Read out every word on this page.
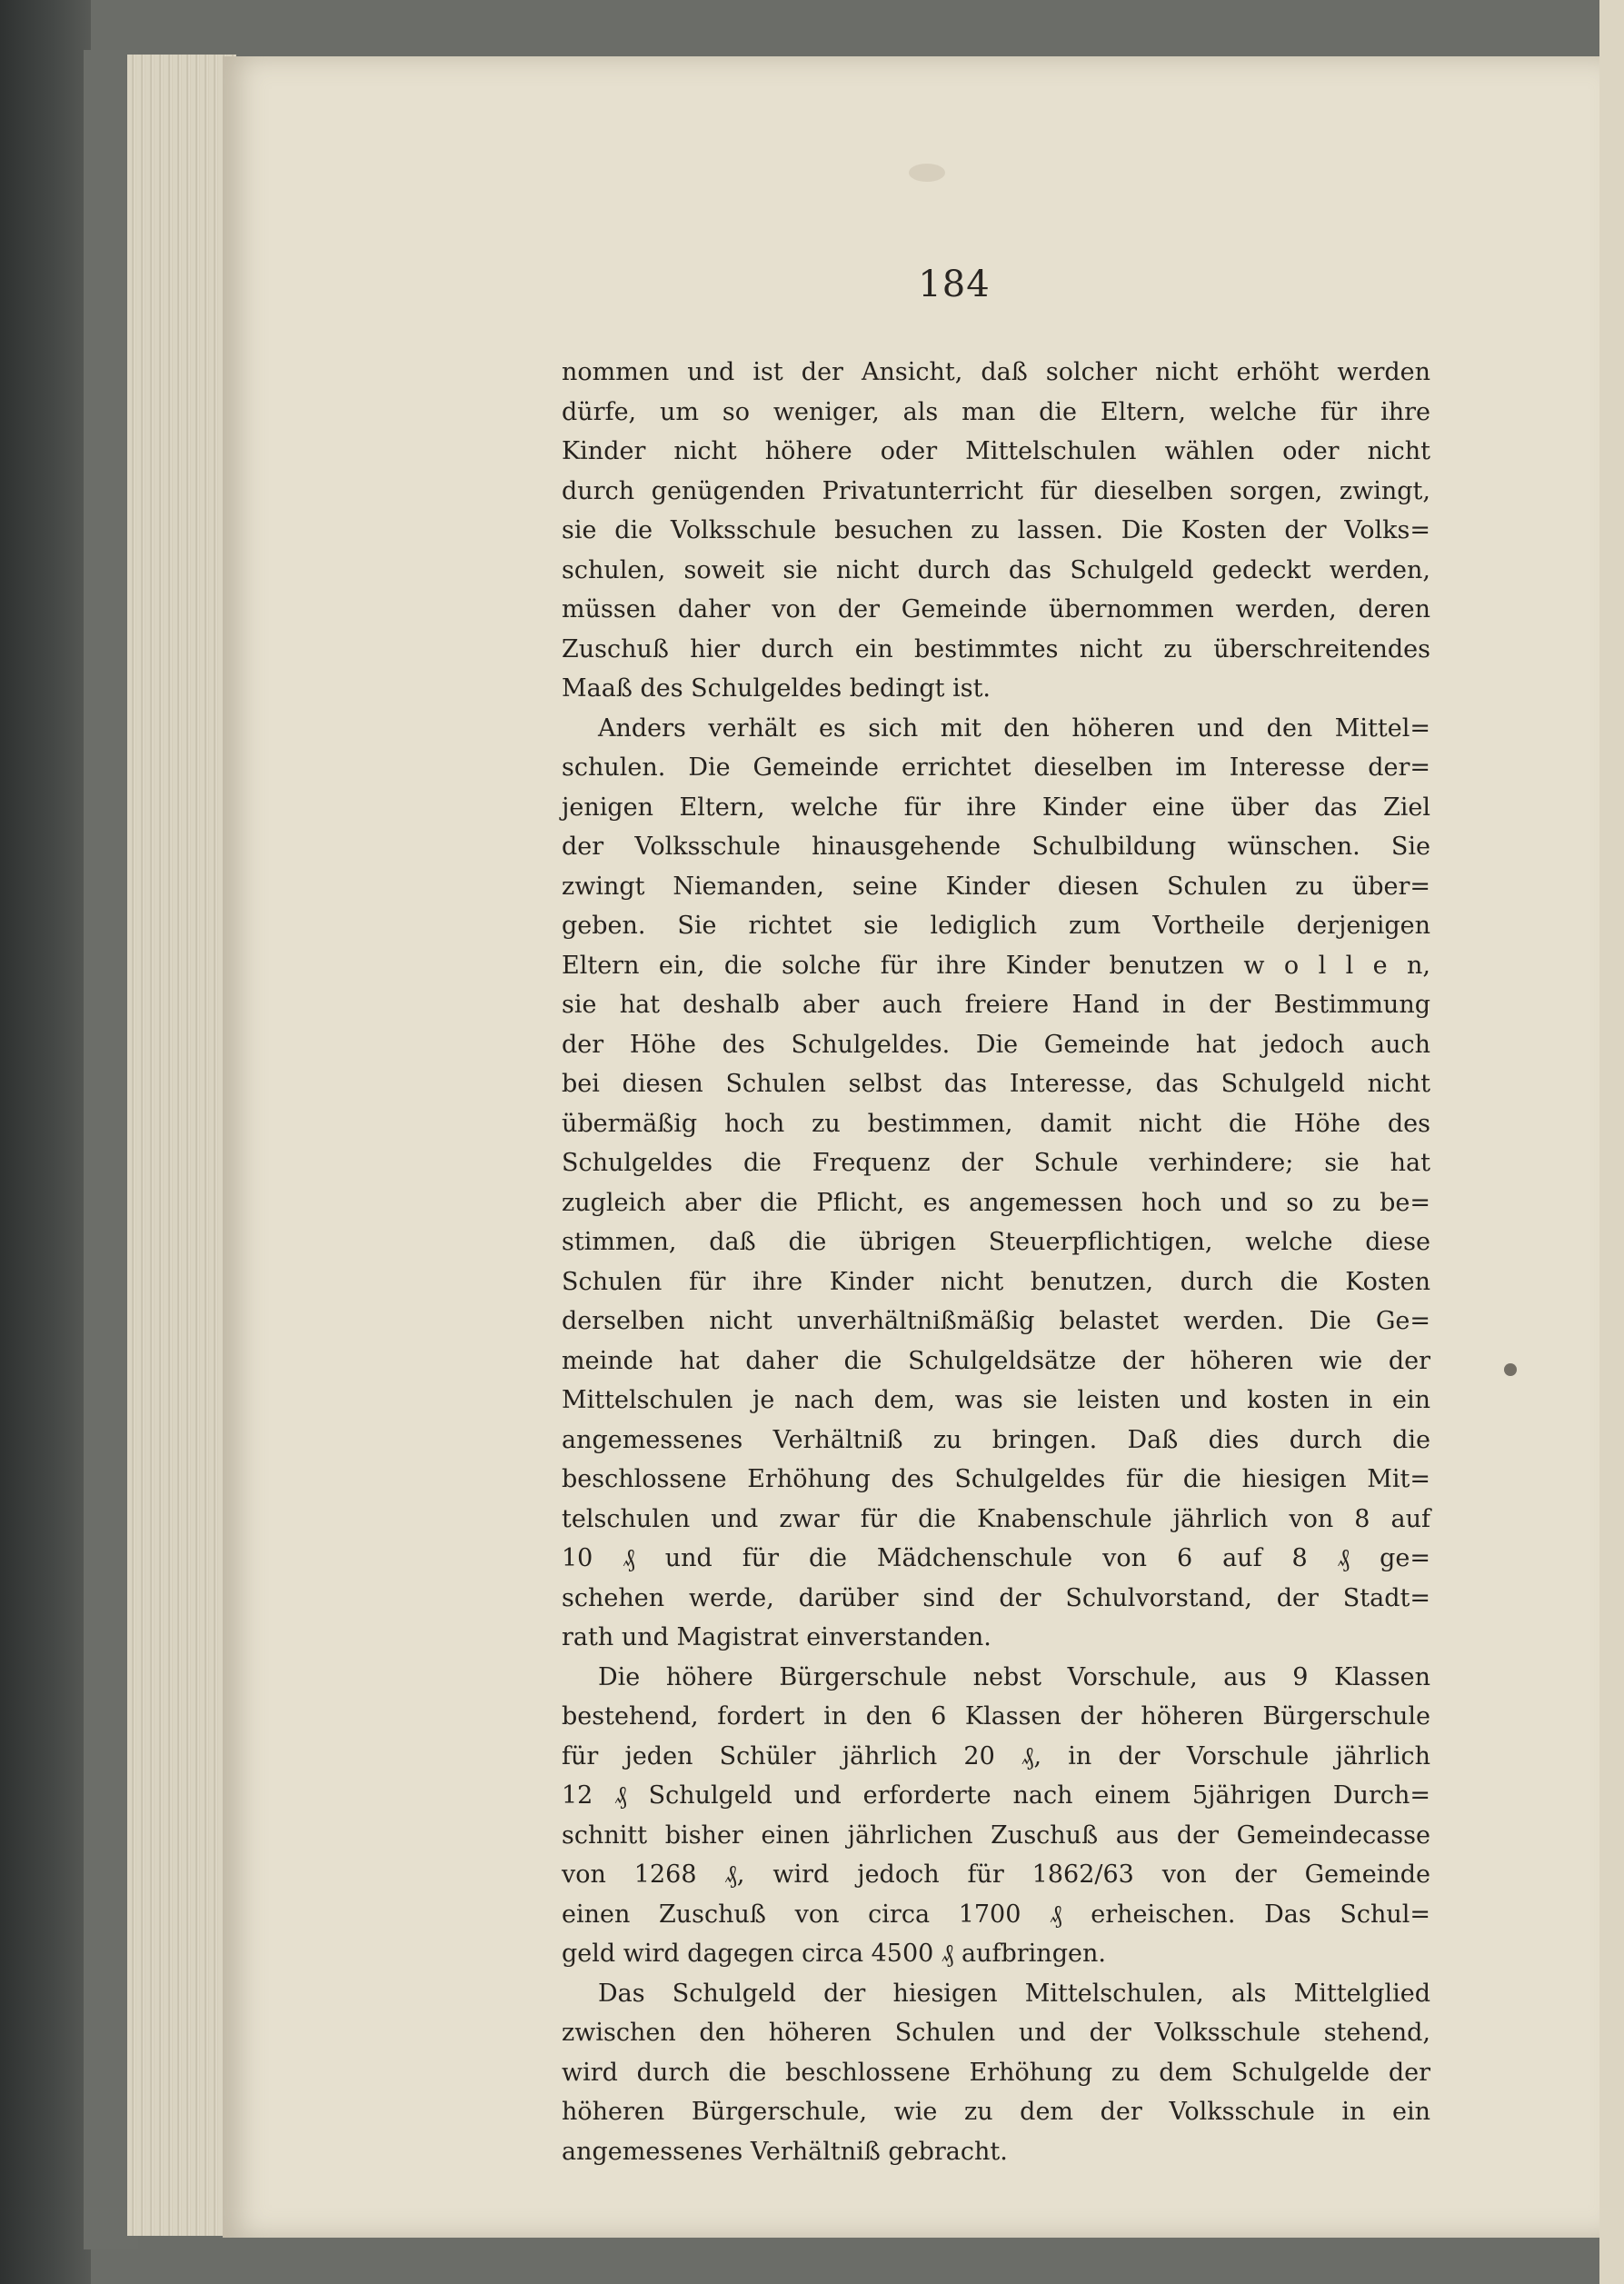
184
nommen und ist der Ansicht, daß solcher nicht erhöht werden
dürfe, um so weniger, als man die Eltern, welche für ihre
Kinder nicht höhere oder Mittelschulen wählen oder nicht
durch genügenden Privatunterricht für dieselben sorgen, zwingt,
sie die Volksschule besuchen zu lassen. Die Kosten der Volks=
schulen, soweit sie nicht durch das Schulgeld gedeckt werden,
müssen daher von der Gemeinde übernommen werden, deren
Zuschuß hier durch ein bestimmtes nicht zu überschreitendes
Maaß des Schulgeldes bedingt ist.
Anders verhält es sich mit den höheren und den Mittel=
schulen. Die Gemeinde errichtet dieselben im Interesse der=
jenigen Eltern, welche für ihre Kinder eine über das Ziel
der Volksschule hinausgehende Schulbildung wünschen. Sie
zwingt Niemanden, seine Kinder diesen Schulen zu über=
geben. Sie richtet sie lediglich zum Vortheile derjenigen
Eltern ein, die solche für ihre Kinder benutzen w o l l e n,
sie hat deshalb aber auch freiere Hand in der Bestimmung
der Höhe des Schulgeldes. Die Gemeinde hat jedoch auch
bei diesen Schulen selbst das Interesse, das Schulgeld nicht
übermäßig hoch zu bestimmen, damit nicht die Höhe des
Schulgeldes die Frequenz der Schule verhindere; sie hat
zugleich aber die Pflicht, es angemessen hoch und so zu be=
stimmen, daß die übrigen Steuerpflichtigen, welche diese
Schulen für ihre Kinder nicht benutzen, durch die Kosten
derselben nicht unverhältnißmäßig belastet werden. Die Ge=
meinde hat daher die Schulgeldsätze der höheren wie der
Mittelschulen je nach dem, was sie leisten und kosten in ein
angemessenes Verhältniß zu bringen. Daß dies durch die
beschlossene Erhöhung des Schulgeldes für die hiesigen Mit=
telschulen und zwar für die Knabenschule jährlich von 8 auf
10 ₰ und für die Mädchenschule von 6 auf 8 ₰ ge=
schehen werde, darüber sind der Schulvorstand, der Stadt=
rath und Magistrat einverstanden.
Die höhere Bürgerschule nebst Vorschule, aus 9 Klassen
bestehend, fordert in den 6 Klassen der höheren Bürgerschule
für jeden Schüler jährlich 20 ₰, in der Vorschule jährlich
12 ₰ Schulgeld und erforderte nach einem 5jährigen Durch=
schnitt bisher einen jährlichen Zuschuß aus der Gemeindecasse
von 1268 ₰, wird jedoch für 1862/63 von der Gemeinde
einen Zuschuß von circa 1700 ₰ erheischen. Das Schul=
geld wird dagegen circa 4500 ₰ aufbringen.
Das Schulgeld der hiesigen Mittelschulen, als Mittelglied
zwischen den höheren Schulen und der Volksschule stehend,
wird durch die beschlossene Erhöhung zu dem Schulgelde der
höheren Bürgerschule, wie zu dem der Volksschule in ein
angemessenes Verhältniß gebracht.
